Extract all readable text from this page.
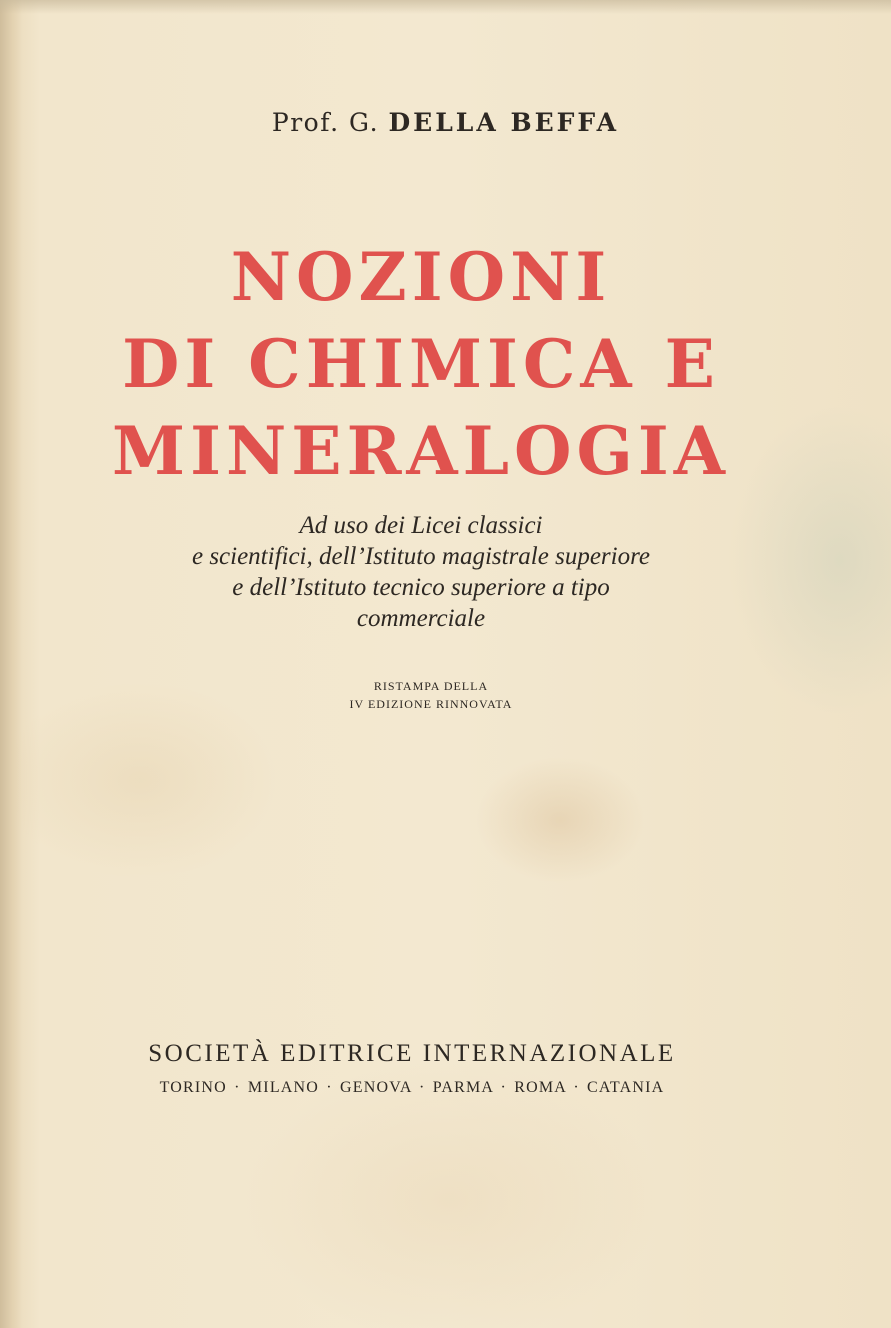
Prof. G. DELLA BEFFA
NOZIONI
DI CHIMICA E
MINERALOGIA
Ad uso dei Licei classici
e scientifici, dell’Istituto magistrale superiore
e dell’Istituto tecnico superiore a tipo
commerciale
RISTAMPA DELLA
IV EDIZIONE RINNOVATA
SOCIETÀ EDITRICE INTERNAZIONALE
TORINO · MILANO · GENOVA · PARMA · ROMA · CATANIA
